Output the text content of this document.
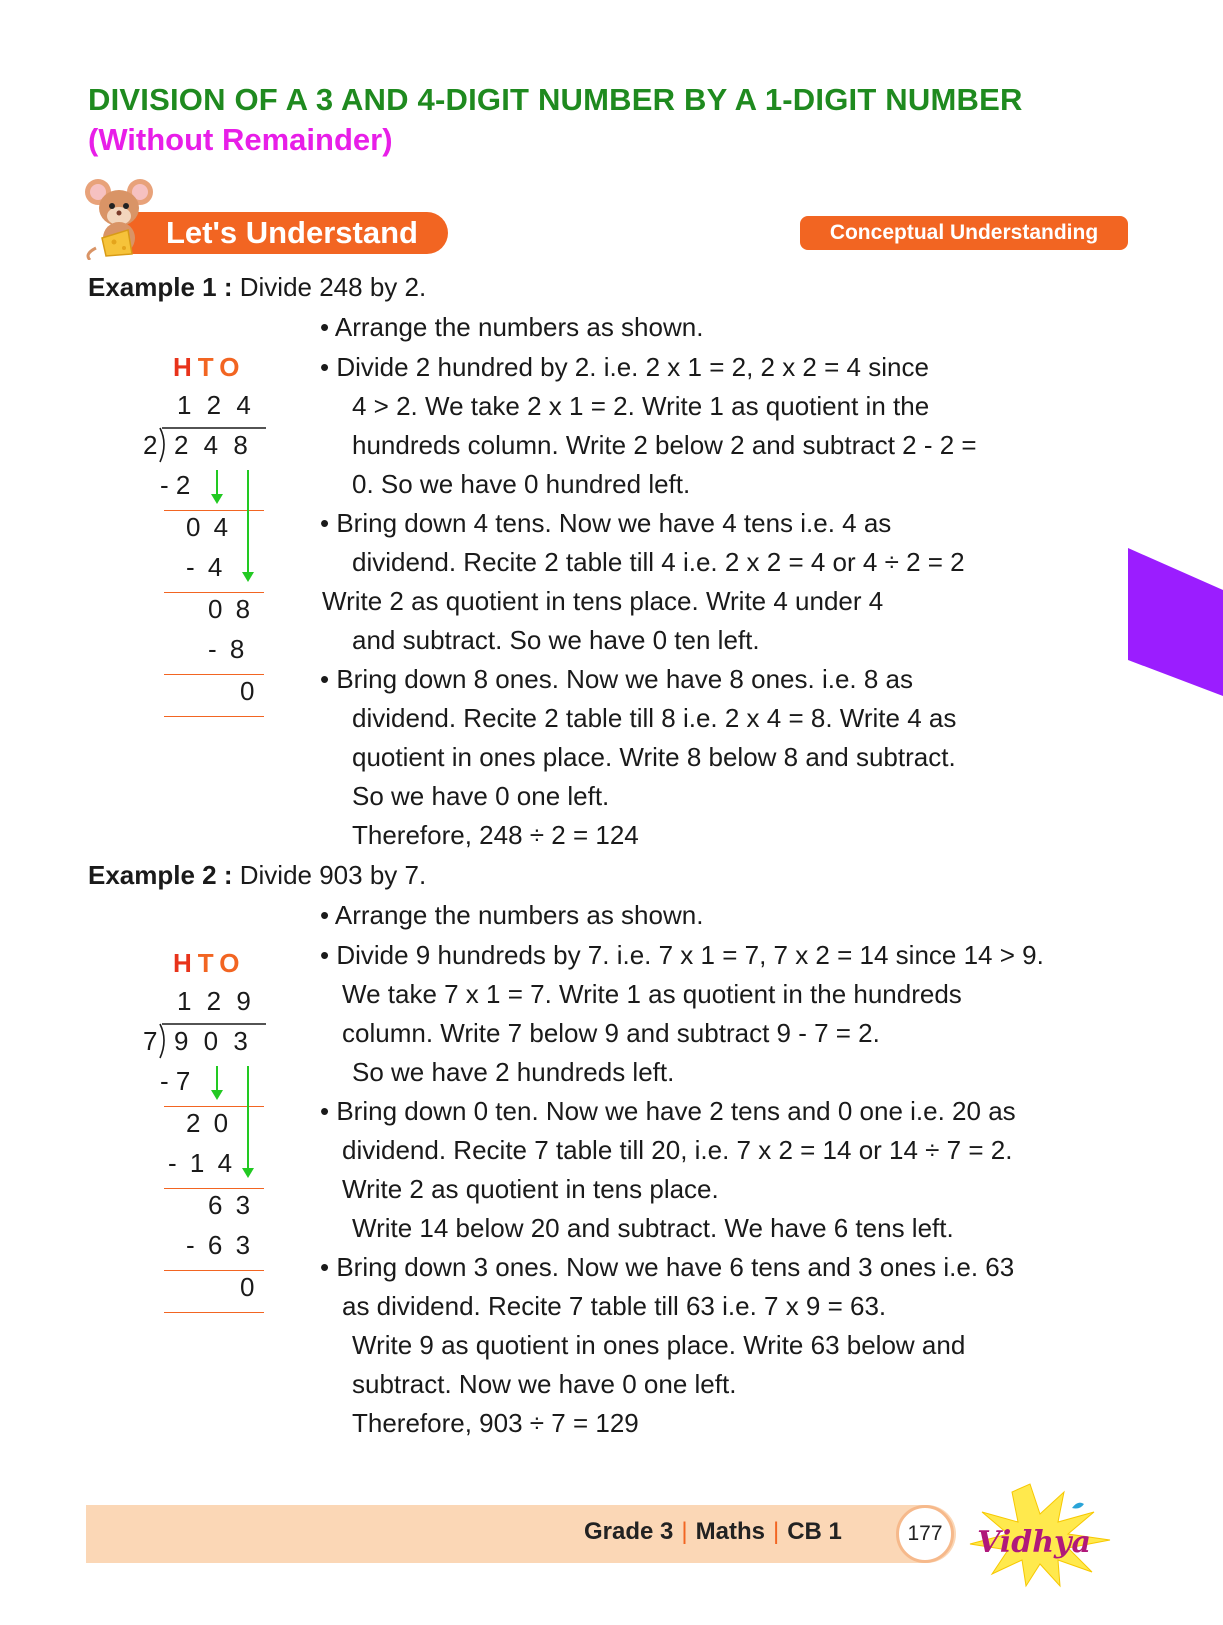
DIVISION OF A 3 AND 4-DIGIT NUMBER BY A 1-DIGIT NUMBER
(Without Remainder)
Let's Understand	Conceptual Understanding
Example 1 : Divide 248 by 2.
HTO
1 2 4
2 2 4 8
- 2
0 4
- 4
0 8
- 8
0
• Arrange the numbers as shown.
• Divide 2 hundred by 2. i.e. 2 x 1 = 2, 2 x 2 = 4 since
4 > 2. We take 2 x 1 = 2. Write 1 as quotient in the
hundreds column. Write 2 below 2 and subtract 2 - 2 =
0. So we have 0 hundred left.
• Bring down 4 tens. Now we have 4 tens i.e. 4 as
dividend. Recite 2 table till 4 i.e. 2 x 2 = 4 or 4 ÷ 2 = 2
Write 2 as quotient in tens place. Write 4 under 4
and subtract. So we have 0 ten left.
• Bring down 8 ones. Now we have 8 ones. i.e. 8 as
dividend. Recite 2 table till 8 i.e. 2 x 4 = 8. Write 4 as
quotient in ones place. Write 8 below 8 and subtract.
So we have 0 one left.
Therefore, 248 ÷ 2 = 124
Example 2 : Divide 903 by 7.
HTO
1 2 9
7 9 0 3
- 7
2 0
- 1 4
6 3
- 6 3
0
• Arrange the numbers as shown.
• Divide 9 hundreds by 7. i.e. 7 x 1 = 7, 7 x 2 = 14 since 14 > 9.
We take 7 x 1 = 7. Write 1 as quotient in the hundreds
column. Write 7 below 9 and subtract 9 - 7 = 2.
So we have 2 hundreds left.
• Bring down 0 ten. Now we have 2 tens and 0 one i.e. 20 as
dividend. Recite 7 table till 20, i.e. 7 x 2 = 14 or 14 ÷ 7 = 2.
Write 2 as quotient in tens place.
Write 14 below 20 and subtract. We have 6 tens left.
• Bring down 3 ones. Now we have 6 tens and 3 ones i.e. 63
as dividend. Recite 7 table till 63 i.e. 7 x 9 = 63.
Write 9 as quotient in ones place. Write 63 below and
subtract. Now we have 0 one left.
Therefore, 903 ÷ 7 = 129
Grade 3 | Maths | CB 1	177	Vidhya
